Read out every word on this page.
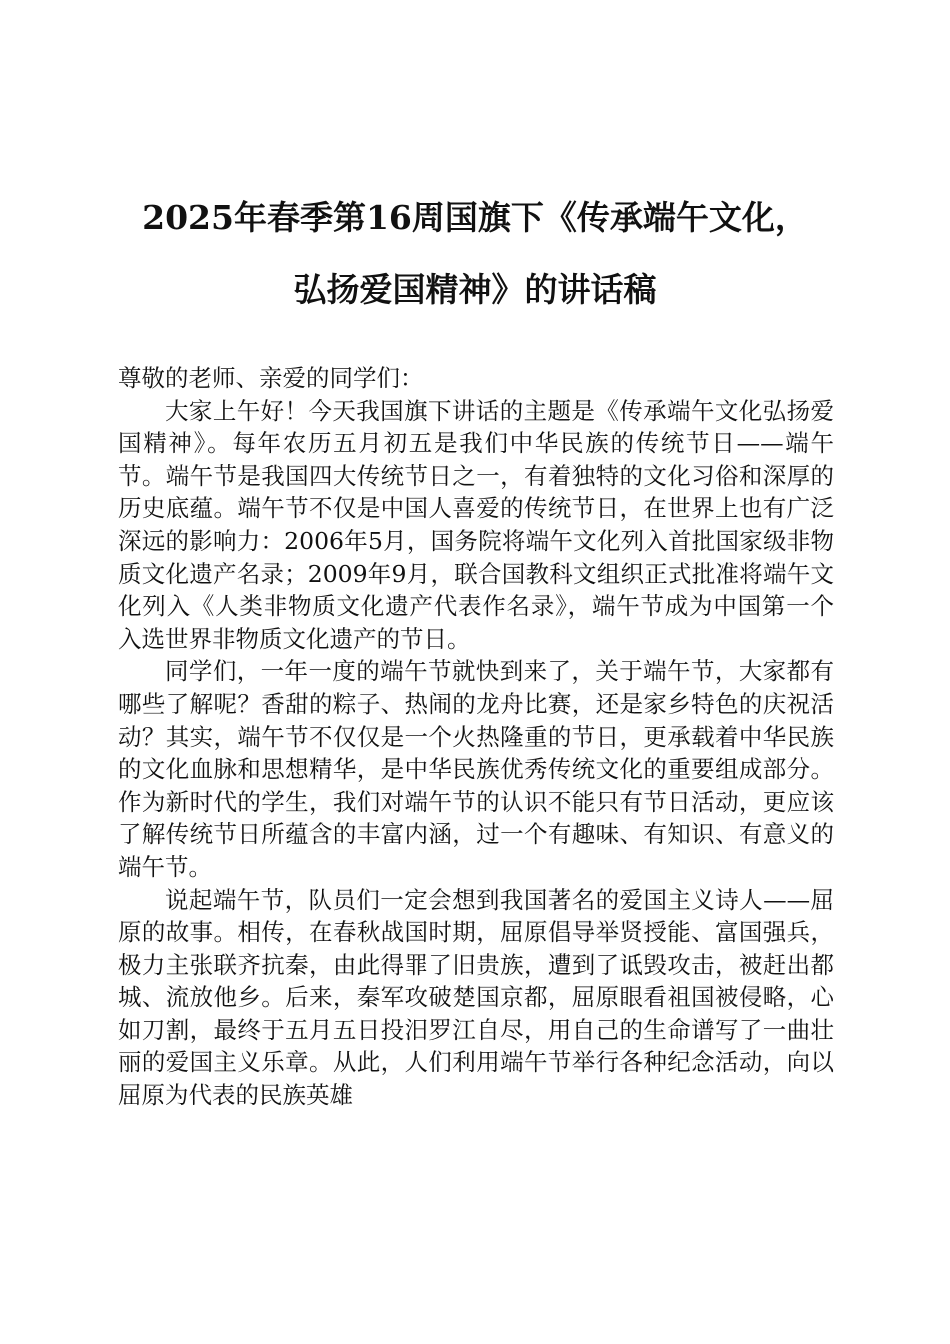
2025年春季第16周国旗下《传承端午文化，
弘扬爱国精神》的讲话稿

尊敬的老师、亲爱的同学们：

大家上午好！今天我国旗下讲话的主题是《传承端午文化弘扬爱国精神》。每年农历五月初五是我们中华民族的传统节日——端午节。端午节是我国四大传统节日之一，有着独特的文化习俗和深厚的历史底蕴。端午节不仅是中国人喜爱的传统节日，在世界上也有广泛深远的影响力：2006年5月，国务院将端午文化列入首批国家级非物质文化遗产名录；2009年9月，联合国教科文组织正式批准将端午文化列入《人类非物质文化遗产代表作名录》，端午节成为中国第一个入选世界非物质文化遗产的节日。

同学们，一年一度的端午节就快到来了，关于端午节，大家都有哪些了解呢？香甜的粽子、热闹的龙舟比赛，还是家乡特色的庆祝活动？其实，端午节不仅仅是一个火热隆重的节日，更承载着中华民族的文化血脉和思想精华，是中华民族优秀传统文化的重要组成部分。作为新时代的学生，我们对端午节的认识不能只有节日活动，更应该了解传统节日所蕴含的丰富内涵，过一个有趣味、有知识、有意义的端午节。

说起端午节，队员们一定会想到我国著名的爱国主义诗人——屈原的故事。相传，在春秋战国时期，屈原倡导举贤授能、富国强兵，极力主张联齐抗秦，由此得罪了旧贵族，遭到了诋毁攻击，被赶出都城、流放他乡。后来，秦军攻破楚国京都，屈原眼看祖国被侵略，心如刀割，最终于五月五日投汨罗江自尽，用自己的生命谱写了一曲壮丽的爱国主义乐章。从此，人们利用端午节举行各种纪念活动，向以屈原为代表的民族英雄
